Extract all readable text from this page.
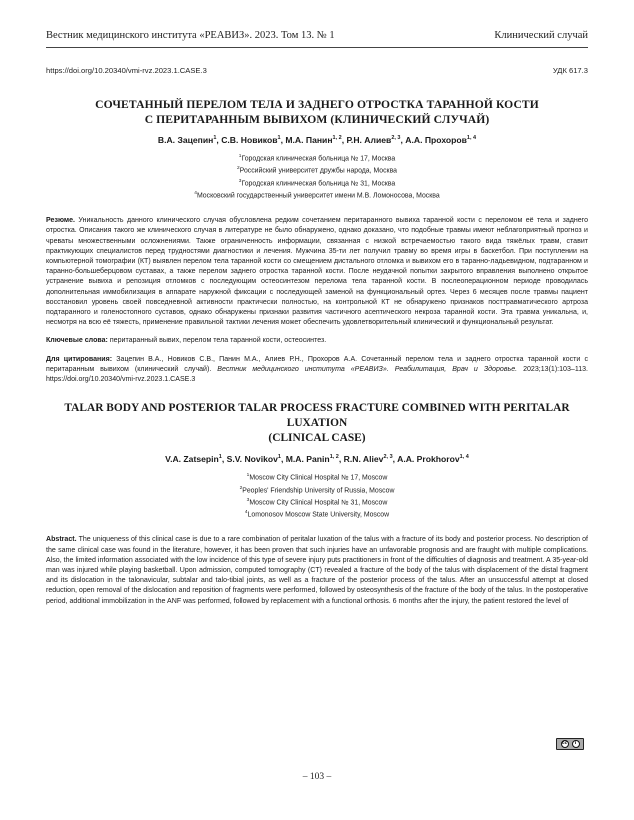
Вестник медицинского института «РЕАВИЗ». 2023. Том 13. № 1	Клинический случай
https://doi.org/10.20340/vmi-rvz.2023.1.CASE.3	УДК 617.3
СОЧЕТАННЫЙ ПЕРЕЛОМ ТЕЛА И ЗАДНЕГО ОТРОСТКА ТАРАННОЙ КОСТИ
С ПЕРИТАРАННЫМ ВЫВИХОМ (КЛИНИЧЕСКИЙ СЛУЧАЙ)
В.А. Зацепин$^1$, С.В. Новиков$^1$, М.А. Панин$^{1, 2}$, Р.Н. Алиев$^{2, 3}$, А.А. Прохоров$^{1, 4}$
$^1$Городская клиническая больница № 17, Москва
$^2$Российский университет дружбы народа, Москва
$^3$Городская клиническая больница № 31, Москва
$^4$Московский государственный университет имени М.В. Ломоносова, Москва
Резюме. Уникальность данного клинического случая обусловлена редким сочетанием перитаранного вывиха таранной кости с переломом её тела и заднего отростка. Описания такого же клинического случая в литературе не было обнаружено, однако доказано, что подобные травмы имеют неблагоприятный прогноз и чреваты множественными осложнениями. Также ограниченность информации, связанная с низкой встречаемостью такого вида тяжёлых травм, ставит практикующих специалистов перед трудностями диагностики и лечения. Мужчина 35-ти лет получил травму во время игры в баскетбол. При поступлении на компьютерной томографии (КТ) выявлен перелом тела таранной кости со смещением дистального отломка и вывихом его в таранно-ладьевидном, подтаранном и таранно-большеберцовом суставах, а также перелом заднего отростка таранной кости. После неудачной попытки закрытого вправления выполнено открытое устранение вывиха и репозиция отломков с последующим остеосинтезом перелома тела таранной кости. В послеоперационном периоде проводилась дополнительная иммобилизация в аппарате наружной фиксации с последующей заменой на функциональный ортез. Через 6 месяцев после травмы пациент восстановил уровень своей повседневной активности практически полностью, на контрольной КТ не обнаружено признаков посттравматического артроза подтаранного и голеностопного суставов, однако обнаружены признаки развития частичного асептического некроза таранной кости. Эта травма уникальна, и, несмотря на всю её тяжесть, применение правильной тактики лечения может обеспечить удовлетворительный клинический и функциональный результат.
Ключевые слова: перитаранный вывих, перелом тела таранной кости, остеосинтез.
Для цитирования: Зацепин В.А., Новиков С.В., Панин М.А., Алиев Р.Н., Прохоров А.А. Сочетанный перелом тела и заднего отростка таранной кости с перитаранным вывихом (клинический случай). Вестник медицинского института «РЕАВИЗ». Реабилитация, Врач и Здоровье. 2023;13(1):103–113. https://doi.org/10.20340/vmi-rvz.2023.1.CASE.3
TALAR BODY AND POSTERIOR TALAR PROCESS FRACTURE COMBINED WITH PERITALAR LUXATION
(CLINICAL CASE)
V.A. Zatsepin$^1$, S.V. Novikov$^1$, M.A. Panin$^{1, 2}$, R.N. Aliev$^{2, 3}$, A.A. Prokhorov$^{1, 4}$
$^1$Moscow City Clinical Hospital № 17, Moscow
$^2$Peoples' Friendship University of Russia, Moscow
$^3$Moscow City Clinical Hospital № 31, Moscow
$^4$Lomonosov Moscow State University, Moscow
Abstract. The uniqueness of this clinical case is due to a rare combination of peritalar luxation of the talus with a fracture of its body and posterior process. No description of the same clinical case was found in the literature, however, it has been proven that such injuries have an unfavorable prognosis and are fraught with multiple complications. Also, the limited information associated with the low incidence of this type of severe injury puts practitioners in front of the difficulties of diagnosis and treatment. A 35-year-old man was injured while playing basketball. Upon admission, computed tomography (CT) revealed a fracture of the body of the talus with displacement of the distal fragment and its dislocation in the talonavicular, subtalar and talo-tibial joints, as well as a fracture of the posterior process of the talus. After an unsuccessful attempt at closed reduction, open removal of the dislocation and reposition of fragments were performed, followed by osteosynthesis of the fracture of the body of the talus. In the postoperative period, additional immobilization in the ANF was performed, followed by replacement with a functional orthosis. 6 months after the injury, the patient restored the level of
cc	i
– 103 –
